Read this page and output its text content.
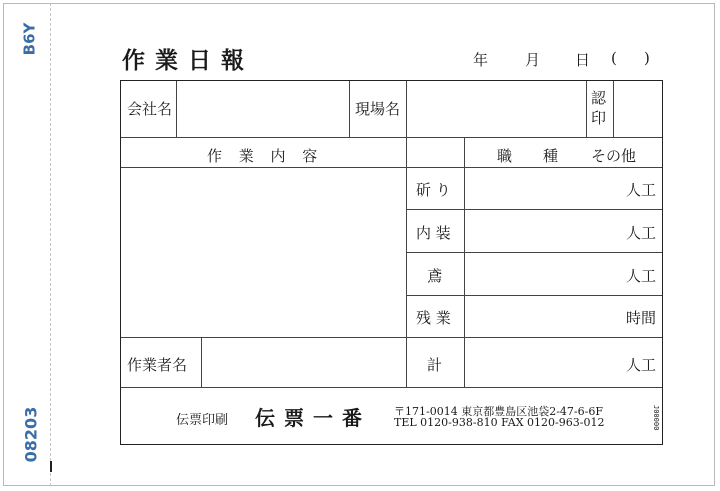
B6Y
08203
作業日報	年 月 日 ( )
会社名	現場名
認
印
作 業 内 容	職　種 その他
斫 り	人工
内 装	人工
鳶	人工
残 業	時間
作業者名	計	人工
伝票印刷 伝票一番 〒171-0014 東京都豊島区池袋2-47-6-6F
TEL 0120-938-810 FAX 0120-963-012	J00000
